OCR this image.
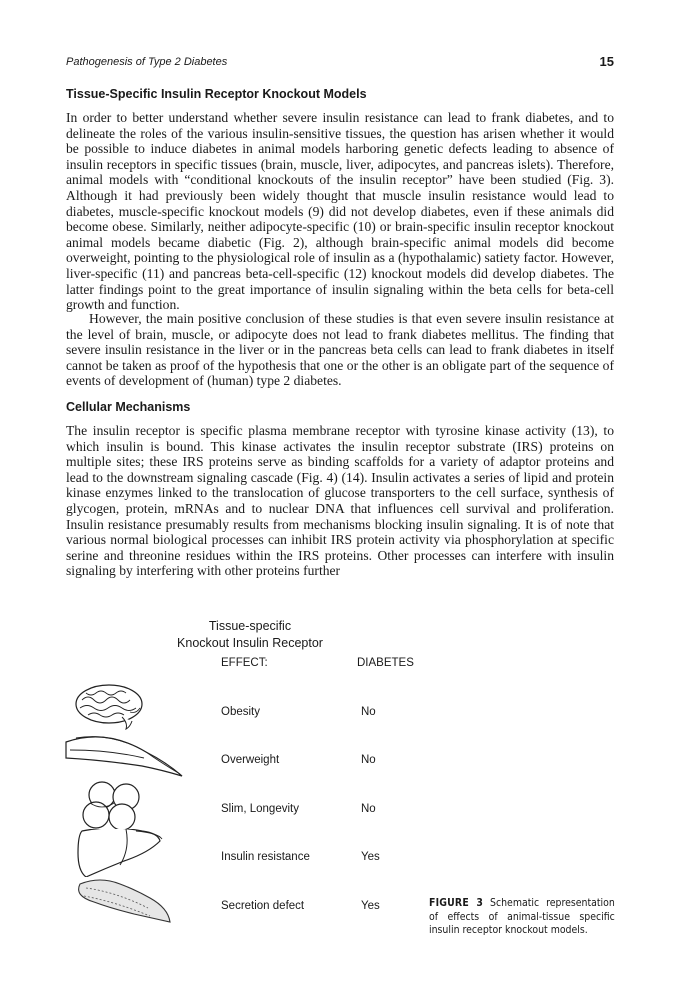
Pathogenesis of Type 2 Diabetes	15
Tissue-Specific Insulin Receptor Knockout Models

In order to better understand whether severe insulin resistance can lead to frank diabetes, and to delineate the roles of the various insulin-sensitive tissues, the question has arisen whether it would be possible to induce diabetes in animal models harboring genetic defects leading to absence of insulin receptors in specific tissues (brain, muscle, liver, adipocytes, and pancreas islets). Therefore, animal models with “conditional knockouts of the insulin receptor” have been studied (Fig. 3). Although it had previously been widely thought that muscle insulin resistance would lead to diabetes, muscle-specific knockout models (9) did not develop diabetes, even if these animals did become obese. Similarly, neither adipocyte-specific (10) or brain-specific insulin receptor knockout animal models became diabetic (Fig. 2), although brain-specific animal models did become overweight, pointing to the physiological role of insulin as a (hypothalamic) satiety factor. However, liver-specific (11) and pancreas beta-cell-specific (12) knockout models did develop diabetes. The latter findings point to the great importance of insulin signaling within the beta cells for beta-cell growth and function.

However, the main positive conclusion of these studies is that even severe insulin resistance at the level of brain, muscle, or adipocyte does not lead to frank diabetes mellitus. The finding that severe insulin resistance in the liver or in the pancreas beta cells can lead to frank diabetes in itself cannot be taken as proof of the hypothesis that one or the other is an obligate part of the sequence of events of development of (human) type 2 diabetes.

Cellular Mechanisms

The insulin receptor is specific plasma membrane receptor with tyrosine kinase activity (13), to which insulin is bound. This kinase activates the insulin receptor substrate (IRS) proteins on multiple sites; these IRS proteins serve as binding scaffolds for a variety of adaptor proteins and lead to the downstream signaling cascade (Fig. 4) (14). Insulin activates a series of lipid and protein kinase enzymes linked to the translocation of glucose transporters to the cell surface, synthesis of glycogen, protein, mRNAs and to nuclear DNA that influences cell survival and proliferation. Insulin resistance presumably results from mechanisms blocking insulin signaling. It is of note that various normal biological processes can inhibit IRS protein activity via phosphorylation at specific serine and threonine residues within the IRS proteins. Other processes can interfere with insulin signaling by interfering with other proteins further

Tissue-specific
Knockout Insulin Receptor
EFFECT:	DIABETES
Obesity	No
Overweight	No
Slim, Longevity	No
Insulin resistance	Yes
Secretion defect	Yes	FIGURE 3 Schematic representation of effects of animal-tissue specific insulin receptor knockout models.
